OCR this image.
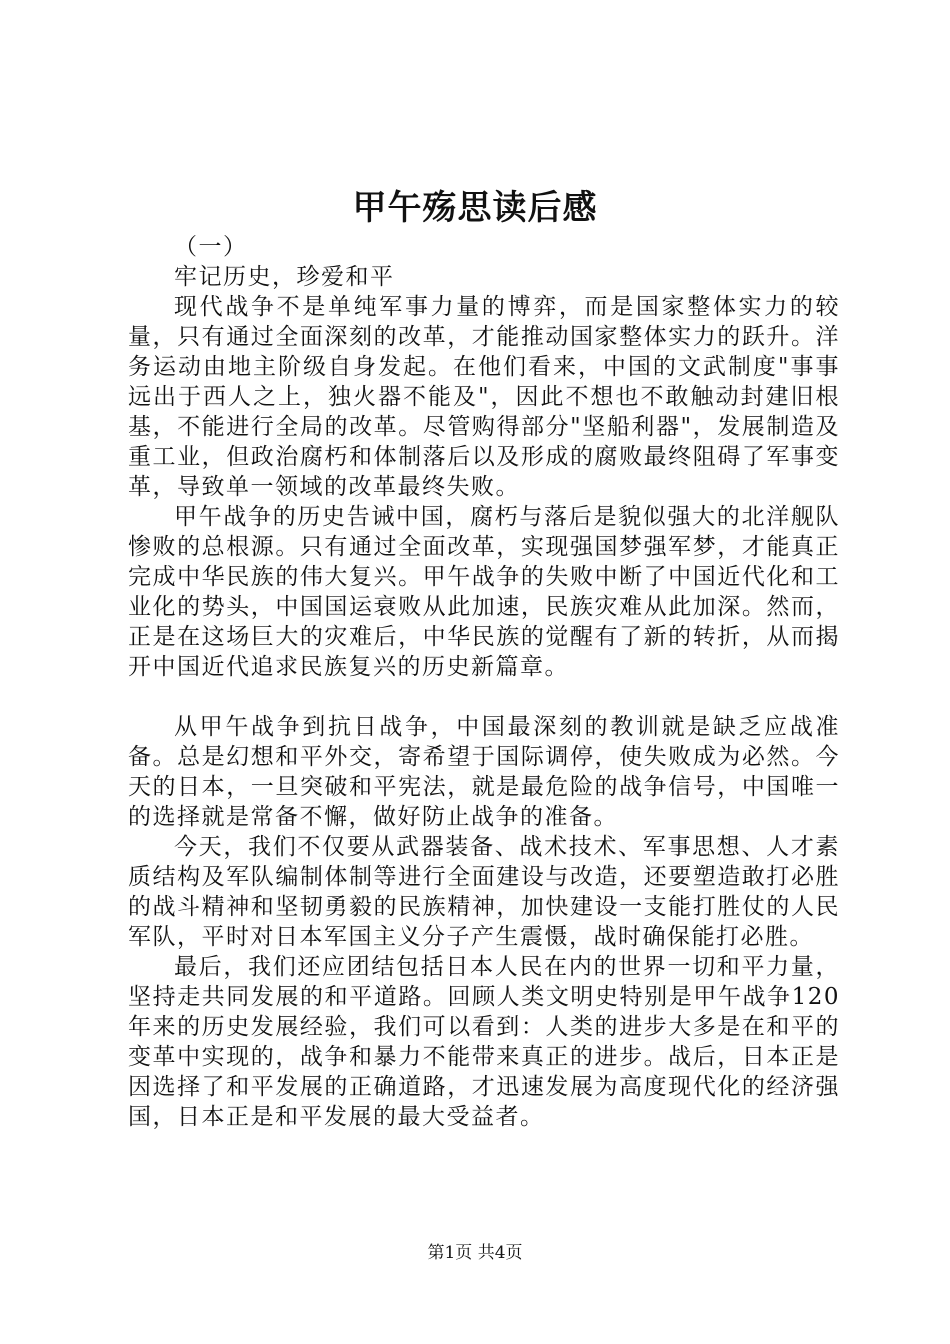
甲午殇思读后感

（一）

牢记历史，珍爱和平

现代战争不是单纯军事力量的博弈，而是国家整体实力的较量，只有通过全面深刻的改革，才能推动国家整体实力的跃升。洋务运动由地主阶级自身发起。在他们看来，中国的文武制度"事事远出于西人之上，独火器不能及"，因此不想也不敢触动封建旧根基，不能进行全局的改革。尽管购得部分"坚船利器"，发展制造及重工业，但政治腐朽和体制落后以及形成的腐败最终阻碍了军事变革，导致单一领域的改革最终失败。

甲午战争的历史告诫中国，腐朽与落后是貌似强大的北洋舰队惨败的总根源。只有通过全面改革，实现强国梦强军梦，才能真正完成中华民族的伟大复兴。甲午战争的失败中断了中国近代化和工业化的势头，中国国运衰败从此加速，民族灾难从此加深。然而，正是在这场巨大的灾难后，中华民族的觉醒有了新的转折，从而揭开中国近代追求民族复兴的历史新篇章。

从甲午战争到抗日战争，中国最深刻的教训就是缺乏应战准备。总是幻想和平外交，寄希望于国际调停，使失败成为必然。今天的日本，一旦突破和平宪法，就是最危险的战争信号，中国唯一的选择就是常备不懈，做好防止战争的准备。

今天，我们不仅要从武器装备、战术技术、军事思想、人才素质结构及军队编制体制等进行全面建设与改造，还要塑造敢打必胜的战斗精神和坚韧勇毅的民族精神，加快建设一支能打胜仗的人民军队，平时对日本军国主义分子产生震慑，战时确保能打必胜。

最后，我们还应团结包括日本人民在内的世界一切和平力量，坚持走共同发展的和平道路。回顾人类文明史特别是甲午战争120年来的历史发展经验，我们可以看到：人类的进步大多是在和平的变革中实现的，战争和暴力不能带来真正的进步。战后，日本正是因选择了和平发展的正确道路，才迅速发展为高度现代化的经济强国，日本正是和平发展的最大受益者。

第1页 共4页
